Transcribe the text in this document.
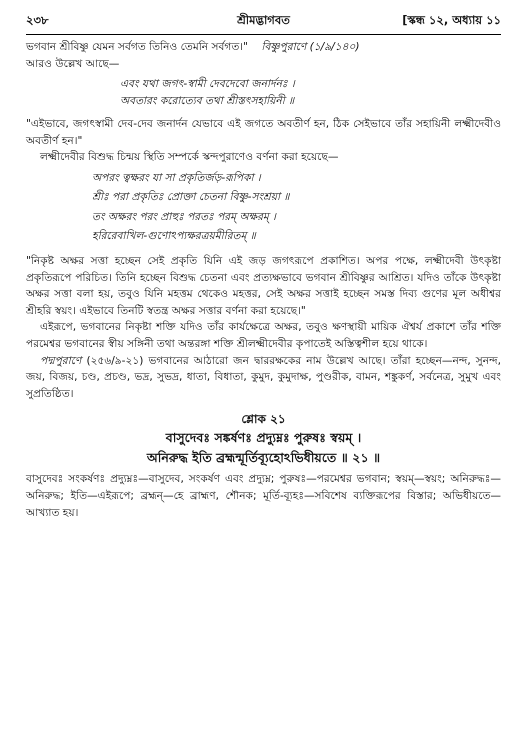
২৩৮	শ্রীমদ্ভাগবত	[স্কন্ধ ১২, অধ্যায় ১১

ভগবান শ্রীবিষ্ণু যেমন সর্বগত তিনিও তেমনি সর্বগত।" বিষ্ণুপুরাণে (১/৯/১৪০)

আরও উল্লেখ আছে—

এবং যথা জগৎ-স্বামী দেবদেবো জনার্দনঃ ।
অবতারং করোত্যেব তথা শ্রীস্তৎসহায়িনী ॥

"এইভাবে, জগৎস্বামী দেব-দেব জনার্দন যেভাবে এই জগতে অবতীর্ণ হন, ঠিক সেইভাবে তাঁর সহায়িনী লক্ষ্মীদেবীও অবতীর্ণ হন।"

লক্ষ্মীদেবীর বিশুদ্ধ চিন্ময় স্থিতি সম্পর্কে স্কন্দপুরাণেও বর্ণনা করা হয়েছে—

অপরং ত্বক্ষরং যা সা প্রকৃতির্জড়-রূপিকা ।
শ্রীঃ পরা প্রকৃতিঃ প্রোক্তা চেতনা বিষ্ণু-সংশ্রয়া ॥
তং অক্ষরং পরং প্রাহুঃ পরতঃ পরম্ অক্ষরম্ ।
হরিরেবাখিল-গুণোঽপ্যক্ষরত্রয়মীরিতম্ ॥

"নিকৃষ্ট অক্ষর সত্তা হচ্ছেন সেই প্রকৃতি যিনি এই জড় জগৎরূপে প্রকাশিত। অপর পক্ষে, লক্ষ্মীদেবী উৎকৃষ্টা প্রকৃতিরূপে পরিচিত। তিনি হচ্ছেন বিশুদ্ধ চেতনা এবং প্রত্যক্ষভাবে ভগবান শ্রীবিষ্ণুর আশ্রিত। যদিও তাঁকে উৎকৃষ্টা অক্ষর সত্তা বলা হয়, তবুও যিনি মহত্তম থেকেও মহত্তর, সেই অক্ষর সত্তাই হচ্ছেন সমস্ত দিব্য গুণের মূল অধীশ্বর শ্রীহরি স্বয়ং। এইভাবে তিনটি স্বতন্ত্র অক্ষর সত্তার বর্ণনা করা হয়েছে।"

এইরূপে, ভগবানের নিকৃষ্টা শক্তি যদিও তাঁর কার্যক্ষেত্রে অক্ষর, তবুও ক্ষণস্থায়ী মায়িক ঐশ্বর্য প্রকাশে তাঁর শক্তি পরমেশ্বর ভগবানের স্বীয় সঙ্গিনী তথা অন্তরঙ্গা শক্তি শ্রীলক্ষ্মীদেবীর কৃপাতেই অস্তিত্বশীল হয়ে থাকে।

পদ্মপুরাণে (২৫৬/৯-২১) ভগবানের আঠারো জন দ্বাররক্ষকের নাম উল্লেখ আছে। তাঁরা হচ্ছেন—নন্দ, সুনন্দ, জয়, বিজয়, চণ্ড, প্রচণ্ড, ভদ্র, সুভদ্র, ধাতা, বিধাতা, কুমুদ, কুমুদাক্ষ, পুণ্ডরীক, বামন, শঙ্কুকর্ণ, সর্বনেত্র, সুমুখ এবং সুপ্রতিষ্ঠিত।

শ্লোক ২১
বাসুদেবঃ সঙ্কর্ষণঃ প্রদ্যুম্নঃ পুরুষঃ স্বয়ম্ ।
অনিরুদ্ধ ইতি ব্রহ্মন্মূর্তিব্যূহোঽভিধীয়তে ॥ ২১ ॥

বাসুদেবঃ সংকর্ষণঃ প্রদ্যুম্নঃ—বাসুদেব, সংকর্ষণ এবং প্রদ্যুম্ন; পুরুষঃ—পরমেশ্বর ভগবান; স্বয়ম্—স্বয়ং; অনিরুদ্ধঃ—অনিরুদ্ধ; ইতি—এইরূপে; ব্রহ্মন্—হে ব্রাহ্মণ, শৌনক; মূর্তি-ব্যূহঃ—সবিশেষ ব্যক্তিরূপের বিস্তার; অভিধীয়তে—আখ্যাত হয়।
